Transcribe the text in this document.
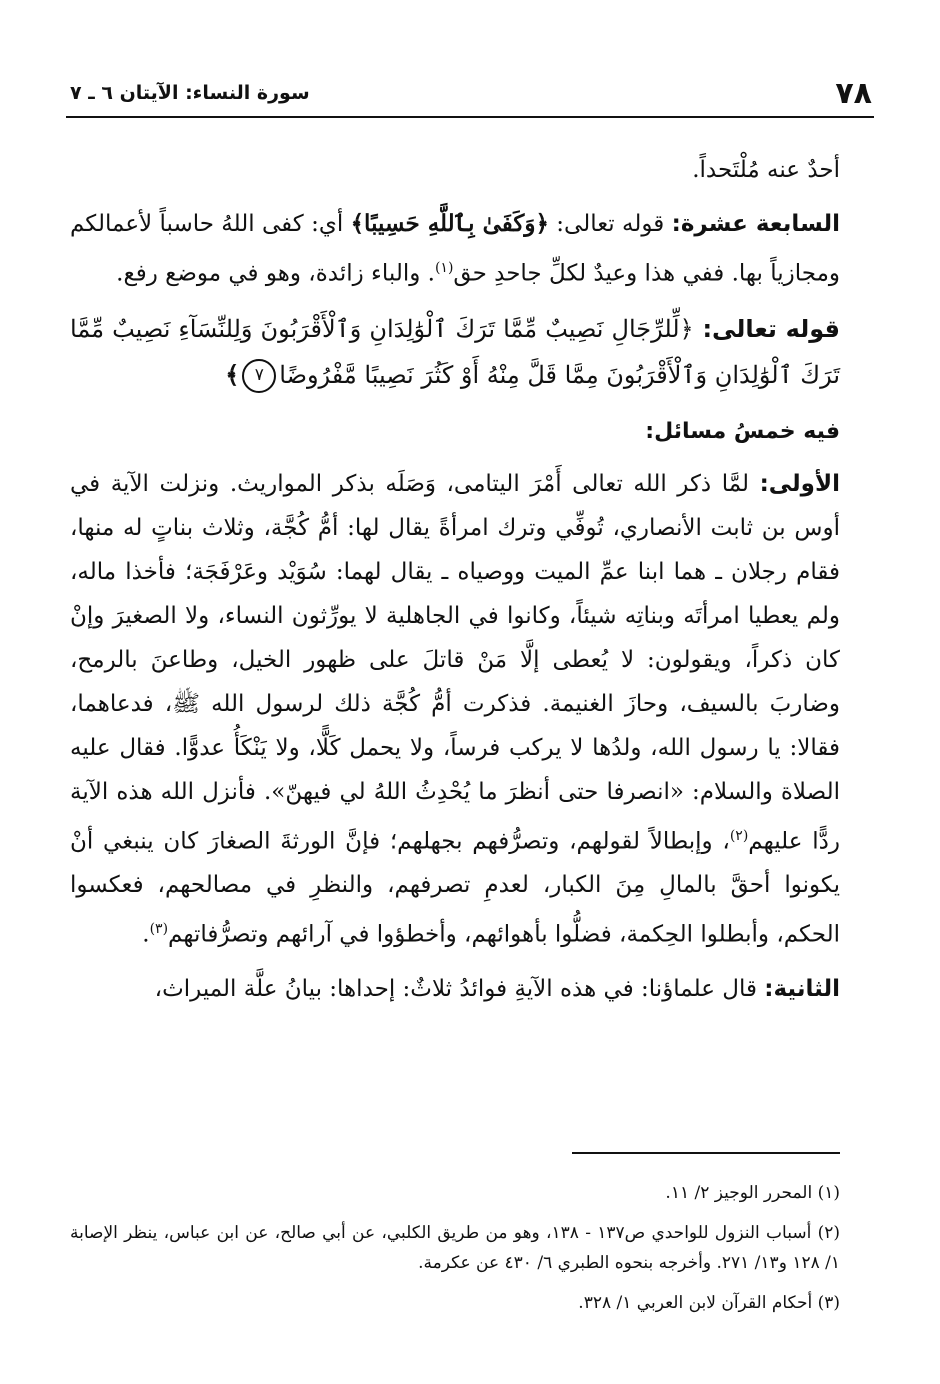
٧٨
سورة النساء: الآيتان ٦ ـ ٧

أحدٌ عنه مُلْتَحداً.

السابعة عشرة: قوله تعالى: ﴿وَكَفَىٰ بِٱللَّهِ حَسِيبًا﴾ أي: كفى اللهُ حاسباً لأعمالكم ومجازياً بها. ففي هذا وعيدٌ لكلِّ جاحدِ حق$^{(١)}$. والباء زائدة، وهو في موضع رفع.

قوله تعالى: ﴿لِّلرِّجَالِ نَصِيبٌ مِّمَّا تَرَكَ ٱلْوَٰلِدَانِ وَٱلْأَقْرَبُونَ وَلِلنِّسَآءِ نَصِيبٌ مِّمَّا تَرَكَ ٱلْوَٰلِدَانِ وَٱلْأَقْرَبُونَ مِمَّا قَلَّ مِنْهُ أَوْ كَثُرَ نَصِيبًا مَّفْرُوضًا٧﴾

فيه خمسُ مسائل:

الأولى: لمَّا ذكر الله تعالى أَمْرَ اليتامى، وَصَلَه بذكر المواريث. ونزلت الآية في أوس بن ثابت الأنصاري، تُوفِّي وترك امرأةً يقال لها: أمُّ كُجَّة، وثلاث بناتٍ له منها، فقام رجلان ـ هما ابنا عمِّ الميت ووصياه ـ يقال لهما: سُوَيْد وعَرْفَجَة؛ فأخذا ماله، ولم يعطيا امرأتَه وبناتِه شيئاً، وكانوا في الجاهلية لا يورِّثون النساء، ولا الصغيرَ وإنْ كان ذكراً، ويقولون: لا يُعطى إلَّا مَنْ قاتلَ على ظهور الخيل، وطاعنَ بالرمح، وضاربَ بالسيف، وحازَ الغنيمة. فذكرت أمُّ كُجَّة ذلك لرسول الله ﷺ، فدعاهما، فقالا: يا رسول الله، ولدُها لا يركب فرساً، ولا يحمل كَلًّا، ولا يَنْكَأُ عدوًّا. فقال عليه الصلاة والسلام: «انصرفا حتى أنظرَ ما يُحْدِثُ اللهُ لي فيهنّ». فأنزل الله هذه الآية ردًّا عليهم$^{(٢)}$، وإبطالاً لقولهم، وتصرُّفهم بجهلهم؛ فإنَّ الورثةَ الصغارَ كان ينبغي أنْ يكونوا أحقَّ بالمالِ مِنَ الكبار، لعدمِ تصرفهم، والنظرِ في مصالحهم، فعكسوا الحكم، وأبطلوا الحِكمة، فضلُّوا بأهوائهم، وأخطؤوا في آرائهم وتصرُّفاتهم$^{(٣)}$.

الثانية: قال علماؤنا: في هذه الآيةِ فوائدُ ثلاثٌ: إحداها: بيانُ علَّة الميراث،

(١) المحرر الوجيز ٢/ ١١.

(٢) أسباب النزول للواحدي ص١٣٧ - ١٣٨، وهو من طريق الكلبي، عن أبي صالح، عن ابن عباس، ينظر الإصابة ١/ ١٢٨ و١٣/ ٢٧١. وأخرجه بنحوه الطبري ٦/ ٤٣٠ عن عكرمة.

(٣) أحكام القرآن لابن العربي ١/ ٣٢٨.
